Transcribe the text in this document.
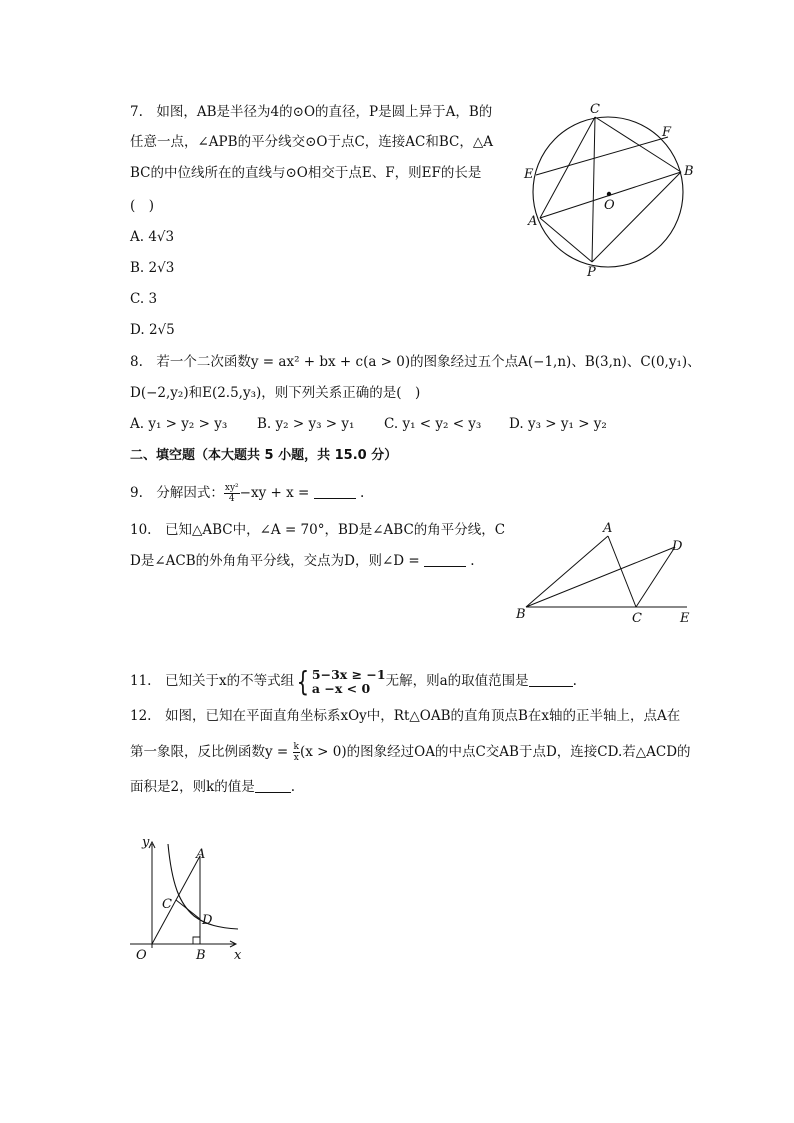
7.　如图，AB是半径为4的⊙O的直径，P是圆上异于A，B的
任意一点，∠APB的平分线交⊙O于点C，连接AC和BC，△A
BC的中位线所在的直线与⊙O相交于点E、F，则EF的长是
(　)
A. 4√3
B. 2√3
C. 3
D. 2√5
C
F
E	B
O
A
P
8.　若一个二次函数y = ax² + bx + c(a > 0)的图象经过五个点A(−1,n)、B(3,n)、C(0,y₁)、
D(−2,y₂)和E(2.5,y₃)，则下列关系正确的是(　)
A. y₁ > y₂ > y₃ B. y₂ > y₃ > y₁ C. y₁ < y₂ < y₃ D. y₃ > y₁ > y₂
二、填空题（本大题共 5 小题，共 15.0 分）
9.　分解因式： $\frac{\text{xy²}}{4} -xy + x$ =	.
10.　已知△ABC中，∠A = 70°，BD是∠ABC的角平分线，C
D是∠ACB的外角角平分线，交点为D，则∠D =	.
A
D
B	C	E
11.　已知关于x的不等式组{ 5−3x ≥ −1
a −x < 0	无解，则a的取值范围是	.
12.　如图，已知在平面直角坐标系xOy中，Rt△OAB的直角顶点B在x轴的正半轴上，点A在
第一象限，反比例函数$y = \frac{k}{x} (x > 0)$的图象经过OA的中点C交AB于点D，连接CD.若△ACD的
面积是2，则k的值是	.
y
A
C
D
O	B x
